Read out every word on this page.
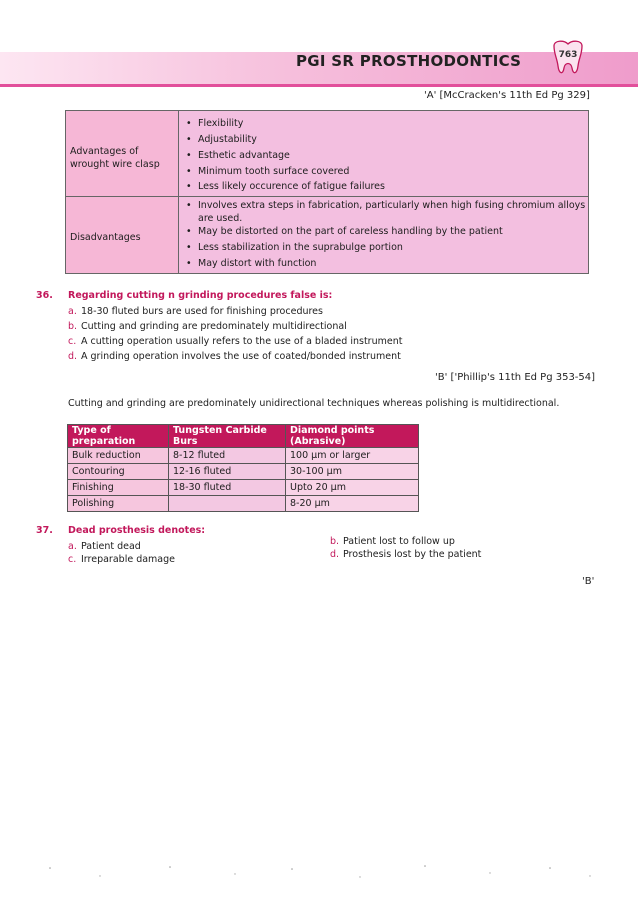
PGI SR PROSTHODONTICS	763
'A' [McCracken's 11th Ed Pg 329]
Advantages of wrought wire clasp
• Flexibility
• Adjustability
• Esthetic advantage
• Minimum tooth surface covered
• Less likely occurence of fatigue failures
Disadvantages
• Involves extra steps in fabrication, particularly when high fusing chromium alloys are used.
• May be distorted on the part of careless handling by the patient
• Less stabilization in the suprabulge portion
• May distort with function
36. Regarding cutting n grinding procedures false is:
a. 18-30 fluted burs are used for finishing procedures
b. Cutting and grinding are predominately multidirectional
c. A cutting operation usually refers to the use of a bladed instrument
d. A grinding operation involves the use of coated/bonded instrument
'B' ['Phillip's 11th Ed Pg 353-54]
Cutting and grinding are predominately unidirectional techniques whereas polishing is multidirectional.
Type of preparation	Tungsten Carbide Burs	Diamond points (Abrasive)
Bulk reduction	8-12 fluted	100 µm or larger
Contouring	12-16 fluted	30-100 µm
Finishing	18-30 fluted	Upto 20 µm
Polishing		8-20 µm
37. Dead prosthesis denotes:
a. Patient dead	b. Patient lost to follow up
c. Irreparable damage	d. Prosthesis lost by the patient
'B'
